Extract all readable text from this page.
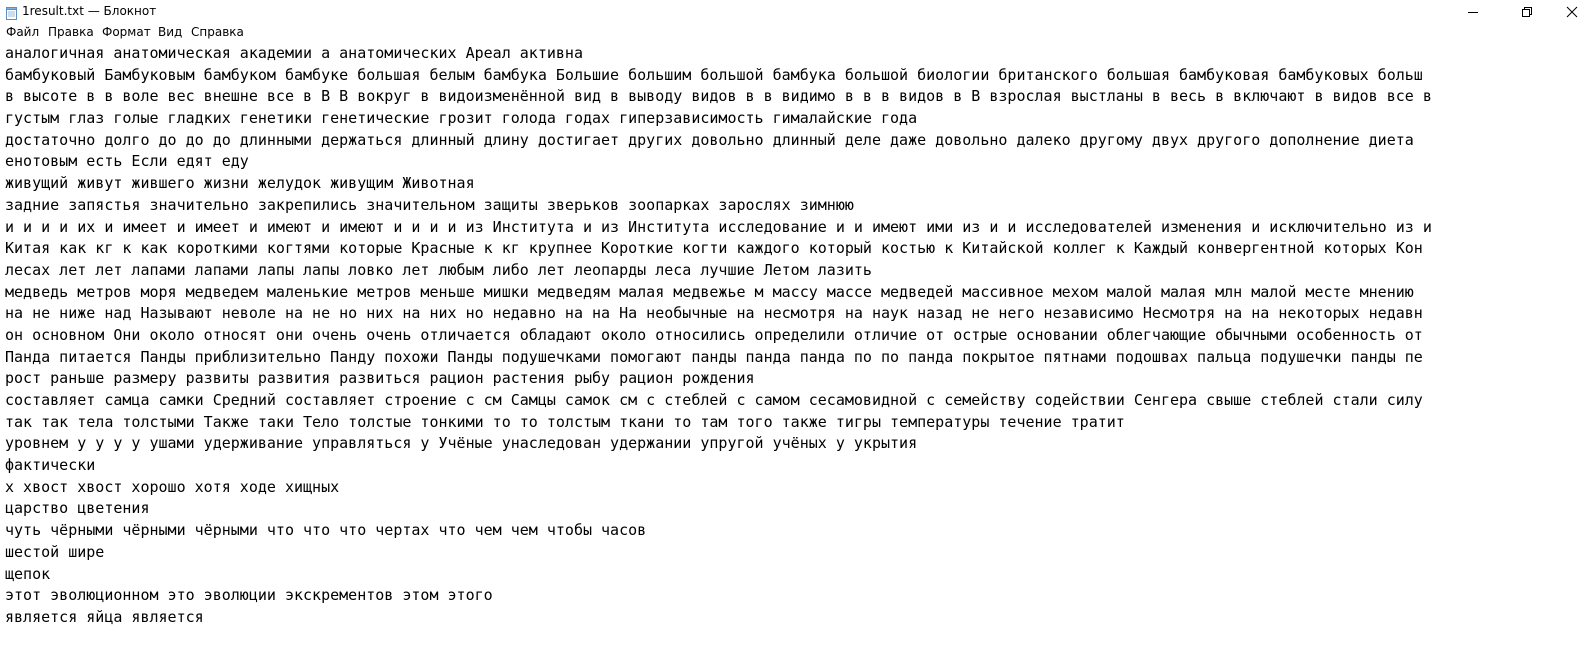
1result.txt — Блокнот
Файл Правка Формат Вид Справка
аналогичная анатомическая академии а анатомических Ареал активна
бамбуковый Бамбуковым бамбуком бамбуке большая белым бамбука Большие большим большой бамбука большой биологии британского большая бамбуковая бамбуковых больш
в высоте в в воле вес внешне все в В В вокруг в видоизменённой вид в выводу видов в в видимо в в в видов в В взрослая выстланы в весь в включают в видов все в
густым глаз голые гладких генетики генетические грозит голода годах гиперзависимость гималайские года
достаточно долго до до до длинными держаться длинный длину достигает других довольно длинный деле даже довольно далеко другому двух другого дополнение диета
енотовым есть Если едят еду
живущий живут жившего жизни желудок живущим Животная
задние запястья значительно закрепились значительном защиты зверьков зоопарках зарослях зимнюю
и и и и их и имеет и имеет и имеют и имеют и и и и из Института и из Института исследование и и имеют ими из и и исследователей изменения и исключительно из и
Китая как кг к как короткими когтями которые Красные к кг крупнее Короткие когти каждого который костью к Китайской коллег к Каждый конвергентной которых Кон
лесах лет лет лапами лапами лапы лапы ловко лет любым либо лет леопарды леса лучшие Летом лазить
медведь метров моря медведем маленькие метров меньше мишки медведям малая медвежье м массу массе медведей массивное мехом малой малая млн малой месте мнению
на не ниже над Называют неволе на не но них на них но недавно на на На необычные на несмотря на наук назад не него независимо Несмотря на на некоторых недавн
он основном Они около относят они очень очень отличается обладают около относились определили отличие от острые основании облегчающие обычными особенность от
Панда питается Панды приблизительно Панду похожи Панды подушечками помогают панды панда панда по по панда покрытое пятнами подошвах пальца подушечки панды пе
рост раньше размеру развиты развития развиться рацион растения рыбу рацион рождения
составляет самца самки Средний составляет строение с см Самцы самок см с стеблей с самом сесамовидной с семейству содействии Сенгера свыше стеблей стали силу
так так тела толстыми Также таки Тело толстые тонкими то то толстым ткани то там того также тигры температуры течение тратит
уровнем у у у у ушами удерживание управляться у Учёные унаследован удержании упругой учёных у укрытия
фактически
х хвост хвост хорошо хотя ходе хищных
царство цветения
чуть чёрными чёрными чёрными что что что чертах что чем чем чтобы часов
шестой шире
щепок
этот эволюционном это эволюции экскрементов этом этого
является яйца является
